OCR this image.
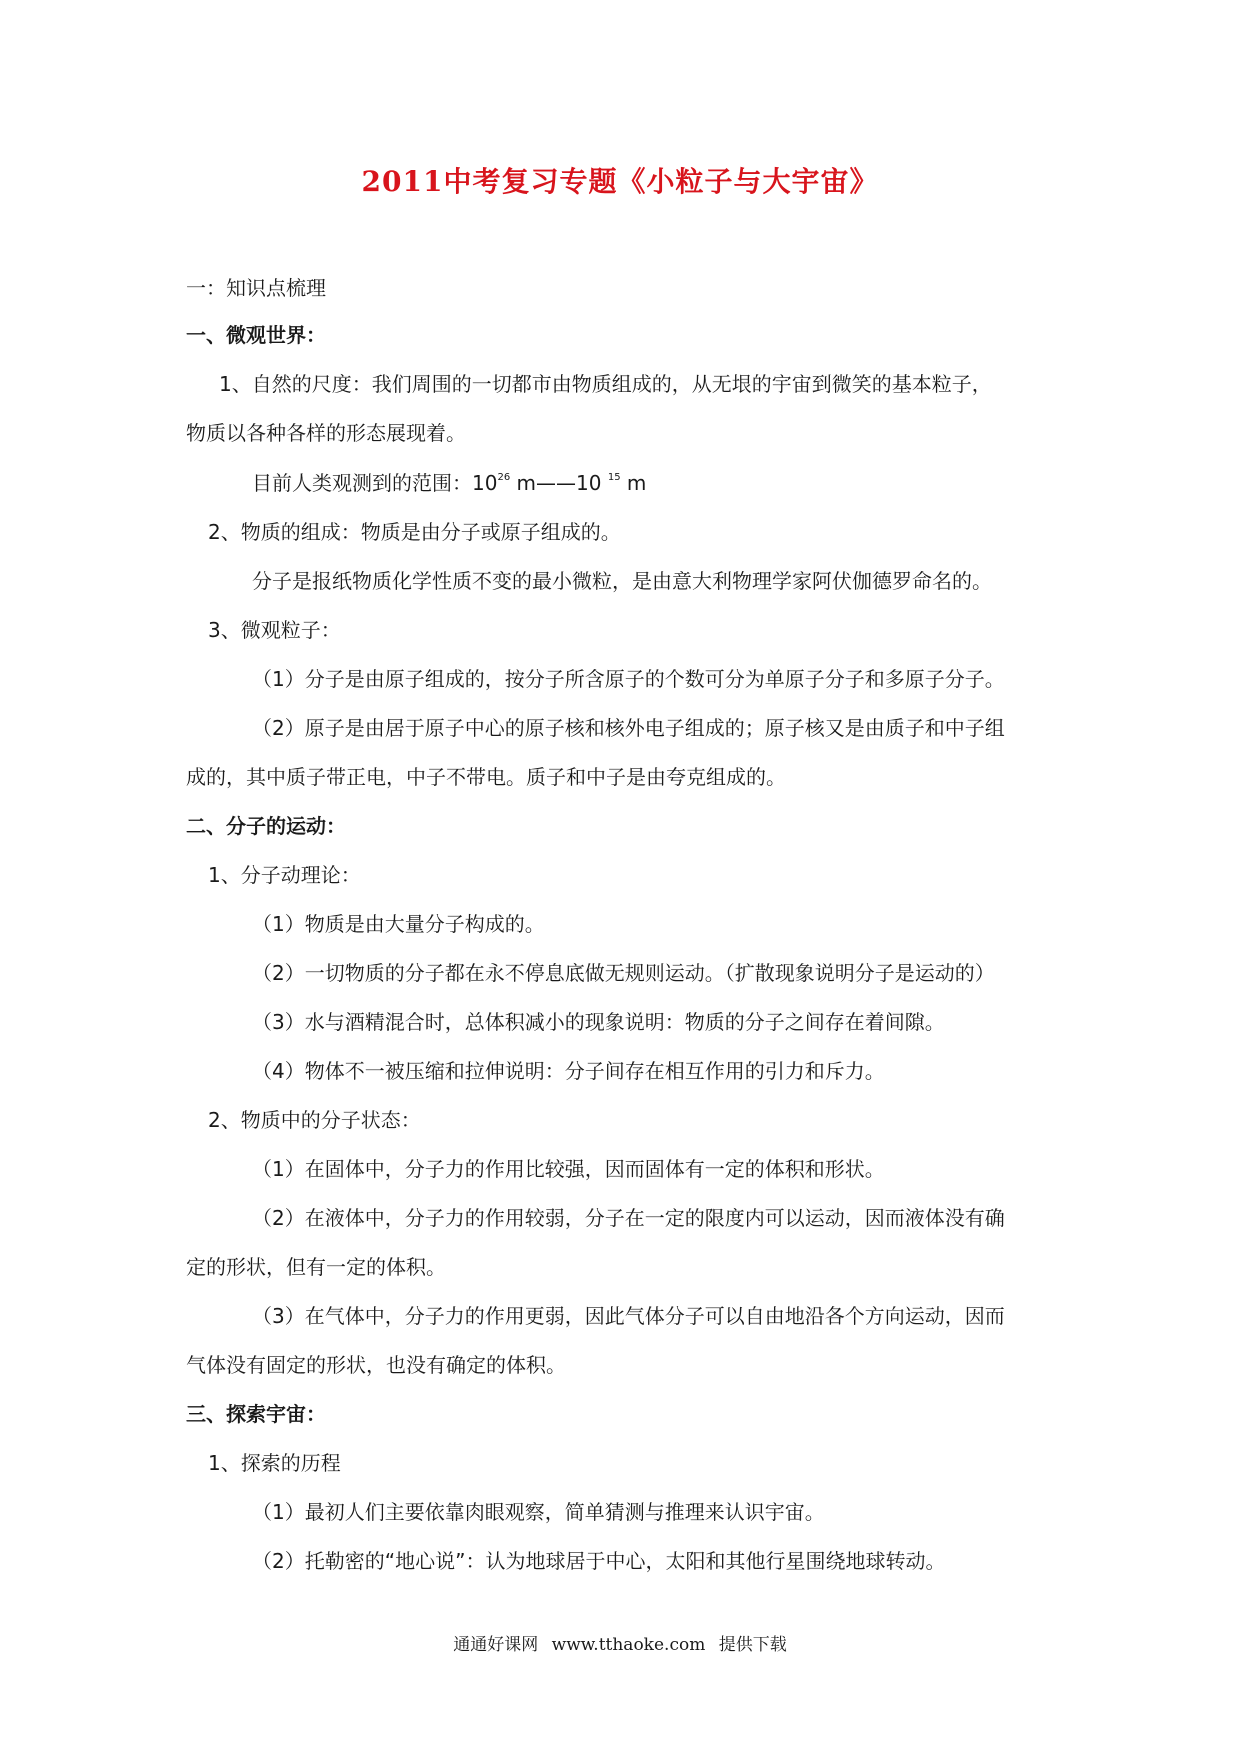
2011中考复习专题《小粒子与大宇宙》
一：知识点梳理
一、微观世界：
1、自然的尺度：我们周围的一切都市由物质组成的，从无垠的宇宙到微笑的基本粒子，
物质以各种各样的形态展现着。
目前人类观测到的范围：$10^{26}$ m——10 $^{15}$ m
2、物质的组成：物质是由分子或原子组成的。
分子是报纸物质化学性质不变的最小微粒，是由意大利物理学家阿伏伽德罗命名的。
3、微观粒子：
（1）分子是由原子组成的，按分子所含原子的个数可分为单原子分子和多原子分子。
（2）原子是由居于原子中心的原子核和核外电子组成的；原子核又是由质子和中子组
成的，其中质子带正电，中子不带电。质子和中子是由夸克组成的。
二、分子的运动：
1、分子动理论：
（1）物质是由大量分子构成的。
（2）一切物质的分子都在永不停息底做无规则运动。（扩散现象说明分子是运动的）
（3）水与酒精混合时，总体积减小的现象说明：物质的分子之间存在着间隙。
（4）物体不一被压缩和拉伸说明：分子间存在相互作用的引力和斥力。
2、物质中的分子状态：
（1）在固体中，分子力的作用比较强，因而固体有一定的体积和形状。
（2）在液体中，分子力的作用较弱，分子在一定的限度内可以运动，因而液体没有确
定的形状，但有一定的体积。
（3）在气体中，分子力的作用更弱，因此气体分子可以自由地沿各个方向运动，因而
气体没有固定的形状，也没有确定的体积。
三、探索宇宙：
1、探索的历程
（1）最初人们主要依靠肉眼观察，简单猜测与推理来认识宇宙。
（2）托勒密的“地心说”：认为地球居于中心，太阳和其他行星围绕地球转动。
通通好课网 www.tthaoke.com 提供下载
